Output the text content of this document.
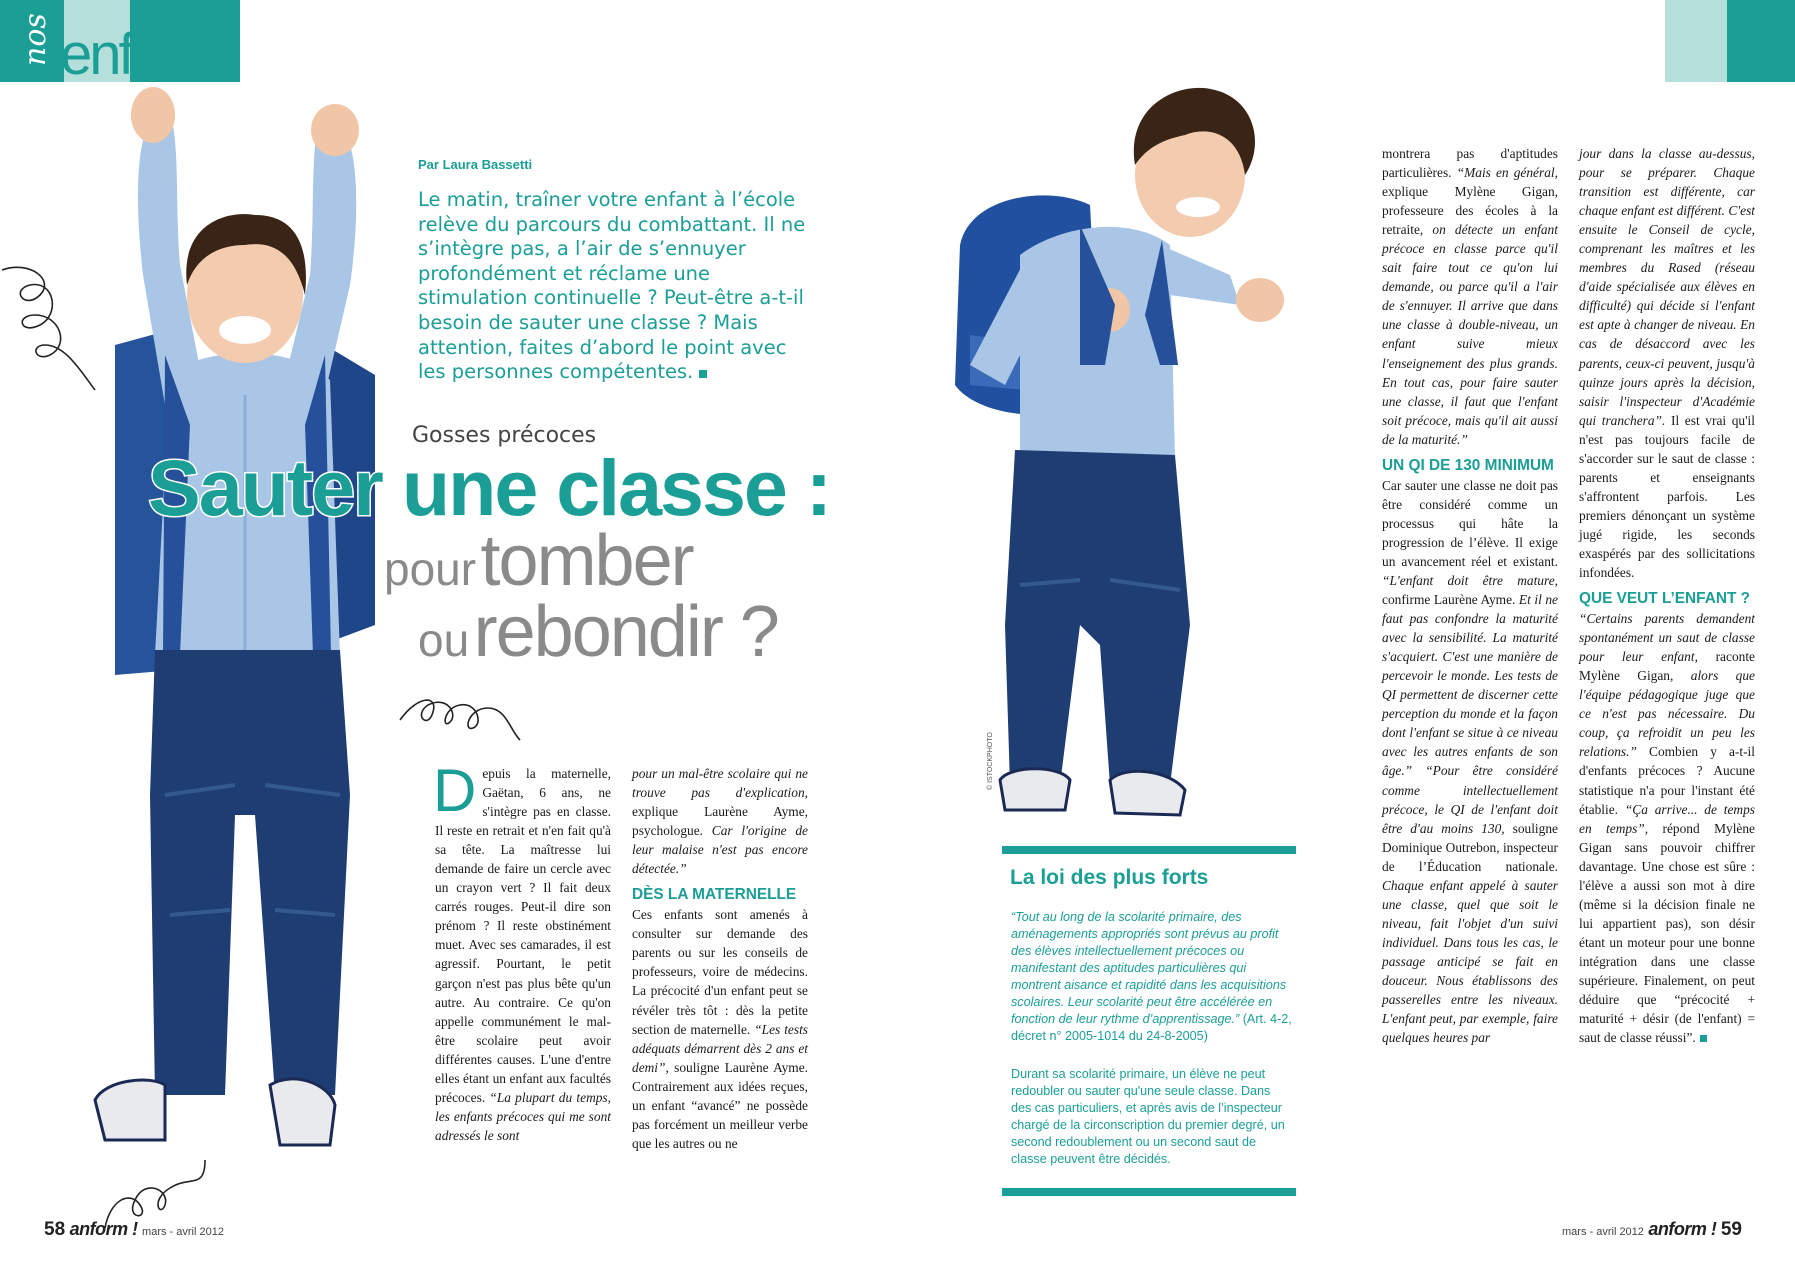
nos enfants
Par Laura Bassetti
Le matin, traîner votre enfant à l’école relève du parcours du combattant. Il ne s’intègre pas, a l’air de s’ennuyer profondément et réclame une stimulation continuelle ? Peut-être a-t-il besoin de sauter une classe ? Mais attention, faites d’abord le point avec les personnes compétentes.
Gosses précoces
Sauter une classe :
pour tomber
ou rebondir ?
D epuis la maternelle, Gaëtan, 6 ans, ne s'intègre pas en classe. Il reste en retrait et n'en fait qu'à sa tête. La maîtresse lui demande de faire un cercle avec un crayon vert ? Il fait deux carrés rouges. Peut-il dire son prénom ? Il reste obstinément muet. Avec ses camarades, il est agressif. Pourtant, le petit garçon n'est pas plus bête qu'un autre. Au contraire. Ce qu'on appelle communément le mal-être scolaire peut avoir différentes causes. L'une d'entre elles étant un enfant aux facultés précoces. “La plupart du temps, les enfants précoces qui me sont adressés le sont
pour un mal-être scolaire qui ne trouve pas d'explication, explique Laurène Ayme, psychologue. Car l'origine de leur malaise n'est pas encore détectée.”
DÈS LA MATERNELLE
Ces enfants sont amenés à consulter sur demande des parents ou sur les conseils de professeurs, voire de médecins. La précocité d'un enfant peut se révéler très tôt : dès la petite section de maternelle. “Les tests adéquats démarrent dès 2 ans et demi”, souligne Laurène Ayme. Contrairement aux idées reçues, un enfant “avancé” ne possède pas forcément un meilleur verbe que les autres ou ne
© ISTOCKPHOTO
La loi des plus forts
“Tout au long de la scolarité primaire, des aménagements appropriés sont prévus au profit des élèves intellectuellement précoces ou manifestant des aptitudes particulières qui montrent aisance et rapidité dans les acquisitions scolaires. Leur scolarité peut être accélérée en fonction de leur rythme d’apprentissage.” (Art. 4-2, décret n° 2005-1014 du 24-8-2005)
Durant sa scolarité primaire, un élève ne peut redoubler ou sauter qu'une seule classe. Dans des cas particuliers, et après avis de l’inspecteur chargé de la circonscription du premier degré, un second redoublement ou un second saut de classe peuvent être décidés.
montrera pas d'aptitudes particulières. “Mais en général, explique Mylène Gigan, professeure des écoles à la retraite, on détecte un enfant précoce en classe parce qu'il sait faire tout ce qu'on lui demande, ou parce qu'il a l'air de s'ennuyer. Il arrive que dans une classe à double-niveau, un enfant suive mieux l'enseignement des plus grands. En tout cas, pour faire sauter une classe, il faut que l'enfant soit précoce, mais qu'il ait aussi de la maturité.”
UN QI DE 130 MINIMUM
Car sauter une classe ne doit pas être considéré comme un processus qui hâte la progression de l’élève. Il exige un avancement réel et existant. “L'enfant doit être mature, confirme Laurène Ayme. Et il ne faut pas confondre la maturité avec la sensibilité. La maturité s'acquiert. C'est une manière de percevoir le monde. Les tests de QI permettent de discerner cette perception du monde et la façon dont l'enfant se situe à ce niveau avec les autres enfants de son âge.” “Pour être considéré comme intellectuellement précoce, le QI de l'enfant doit être d'au moins 130, souligne Dominique Outrebon, inspecteur de l’Éducation nationale. Chaque enfant appelé à sauter une classe, quel que soit le niveau, fait l'objet d'un suivi individuel. Dans tous les cas, le passage anticipé se fait en douceur. Nous établissons des passerelles entre les niveaux. L'enfant peut, par exemple, faire quelques heures par
jour dans la classe au-dessus, pour se préparer. Chaque transition est différente, car chaque enfant est différent. C'est ensuite le Conseil de cycle, comprenant les maîtres et les membres du Rased (réseau d'aide spécialisée aux élèves en difficulté) qui décide si l'enfant est apte à changer de niveau. En cas de désaccord avec les parents, ceux-ci peuvent, jusqu'à quinze jours après la décision, saisir l'inspecteur d'Académie qui tranchera”. Il est vrai qu'il n'est pas toujours facile de s'accorder sur le saut de classe : parents et enseignants s'affrontent parfois. Les premiers dénonçant un système jugé rigide, les seconds exaspérés par des sollicitations infondées.
QUE VEUT L’ENFANT ?
“Certains parents demandent spontanément un saut de classe pour leur enfant, raconte Mylène Gigan, alors que l'équipe pédagogique juge que ce n'est pas nécessaire. Du coup, ça refroidit un peu les relations.” Combien y a-t-il d'enfants précoces ? Aucune statistique n'a pour l'instant été établie. “Ça arrive... de temps en temps”, répond Mylène Gigan sans pouvoir chiffrer davantage. Une chose est sûre : l'élève a aussi son mot à dire (même si la décision finale ne lui appartient pas), son désir étant un moteur pour une bonne intégration dans une classe supérieure. Finalement, on peut déduire que “précocité + maturité + désir (de l'enfant) = saut de classe réussi”.
58 anform ! mars - avril 2012	mars - avril 2012 anform ! 59
